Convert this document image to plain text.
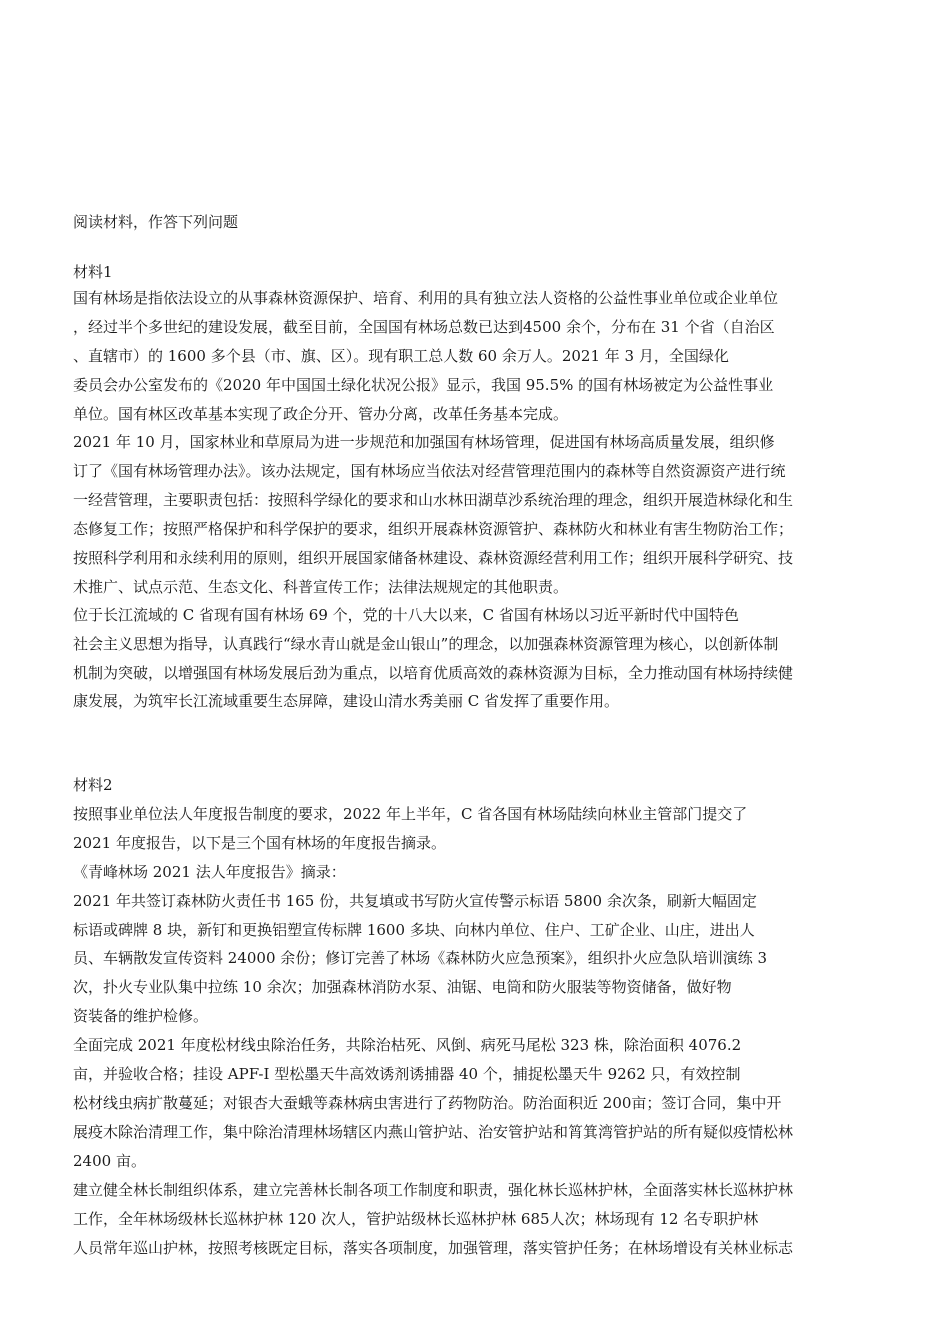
阅读材料，作答下列问题
材料1
国有林场是指依法设立的从事森林资源保护、培育、利用的具有独立法人资格的公益性事业单位或企业单位
，经过半个多世纪的建设发展，截至目前，全国国有林场总数已达到4500 余个，分布在 31 个省（自治区
、直辖市）的 1600 多个县（市、旗、区）。现有职工总人数 60 余万人。2021 年 3 月，全国绿化
委员会办公室发布的《2020 年中国国土绿化状况公报》显示，我国 95.5% 的国有林场被定为公益性事业
单位。国有林区改革基本实现了政企分开、管办分离，改革任务基本完成。
2021 年 10 月，国家林业和草原局为进一步规范和加强国有林场管理，促进国有林场高质量发展，组织修
订了《国有林场管理办法》。该办法规定，国有林场应当依法对经营管理范围内的森林等自然资源资产进行统
一经营管理，主要职责包括：按照科学绿化的要求和山水林田湖草沙系统治理的理念，组织开展造林绿化和生
态修复工作；按照严格保护和科学保护的要求，组织开展森林资源管护、森林防火和林业有害生物防治工作；
按照科学利用和永续利用的原则，组织开展国家储备林建设、森林资源经营利用工作；组织开展科学研究、技
术推广、试点示范、生态文化、科普宣传工作；法律法规规定的其他职责。
位于长江流域的 C 省现有国有林场 69 个，党的十八大以来，C 省国有林场以习近平新时代中国特色
社会主义思想为指导，认真践行“绿水青山就是金山银山”的理念，以加强森林资源管理为核心，以创新体制
机制为突破，以增强国有林场发展后劲为重点，以培育优质高效的森林资源为目标，全力推动国有林场持续健
康发展，为筑牢长江流域重要生态屏障，建设山清水秀美丽 C 省发挥了重要作用。
材料2
按照事业单位法人年度报告制度的要求，2022 年上半年，C 省各国有林场陆续向林业主管部门提交了
2021 年度报告，以下是三个国有林场的年度报告摘录。
《青峰林场 2021 法人年度报告》摘录：
2021 年共签订森林防火责任书 165 份，共复填或书写防火宣传警示标语 5800 余次条，刷新大幅固定
标语或碑牌 8 块，新钉和更换铝塑宣传标牌 1600 多块、向林内单位、住户、工矿企业、山庄，进出人
员、车辆散发宣传资料 24000 余份；修订完善了林场《森林防火应急预案》，组织扑火应急队培训演练 3
次，扑火专业队集中拉练 10 余次；加强森林消防水泵、油锯、电筒和防火服装等物资储备，做好物
资装备的维护检修。
全面完成 2021 年度松材线虫除治任务，共除治枯死、风倒、病死马尾松 323 株，除治面积 4076.2
亩，并验收合格；挂设 APF-I 型松墨天牛高效诱剂诱捕器 40 个，捕捉松墨天牛 9262 只，有效控制
松材线虫病扩散蔓延；对银杏大蚕蛾等森林病虫害进行了药物防治。防治面积近 200亩；签订合同，集中开
展疫木除治清理工作，集中除治清理林场辖区内燕山管护站、治安管护站和筲箕湾管护站的所有疑似疫情松林
2400 亩。
建立健全林长制组织体系，建立完善林长制各项工作制度和职责，强化林长巡林护林，全面落实林长巡林护林
工作，全年林场级林长巡林护林 120 次人，管护站级林长巡林护林 685人次；林场现有 12 名专职护林
人员常年巡山护林，按照考核既定目标，落实各项制度，加强管理，落实管护任务；在林场增设有关林业标志
